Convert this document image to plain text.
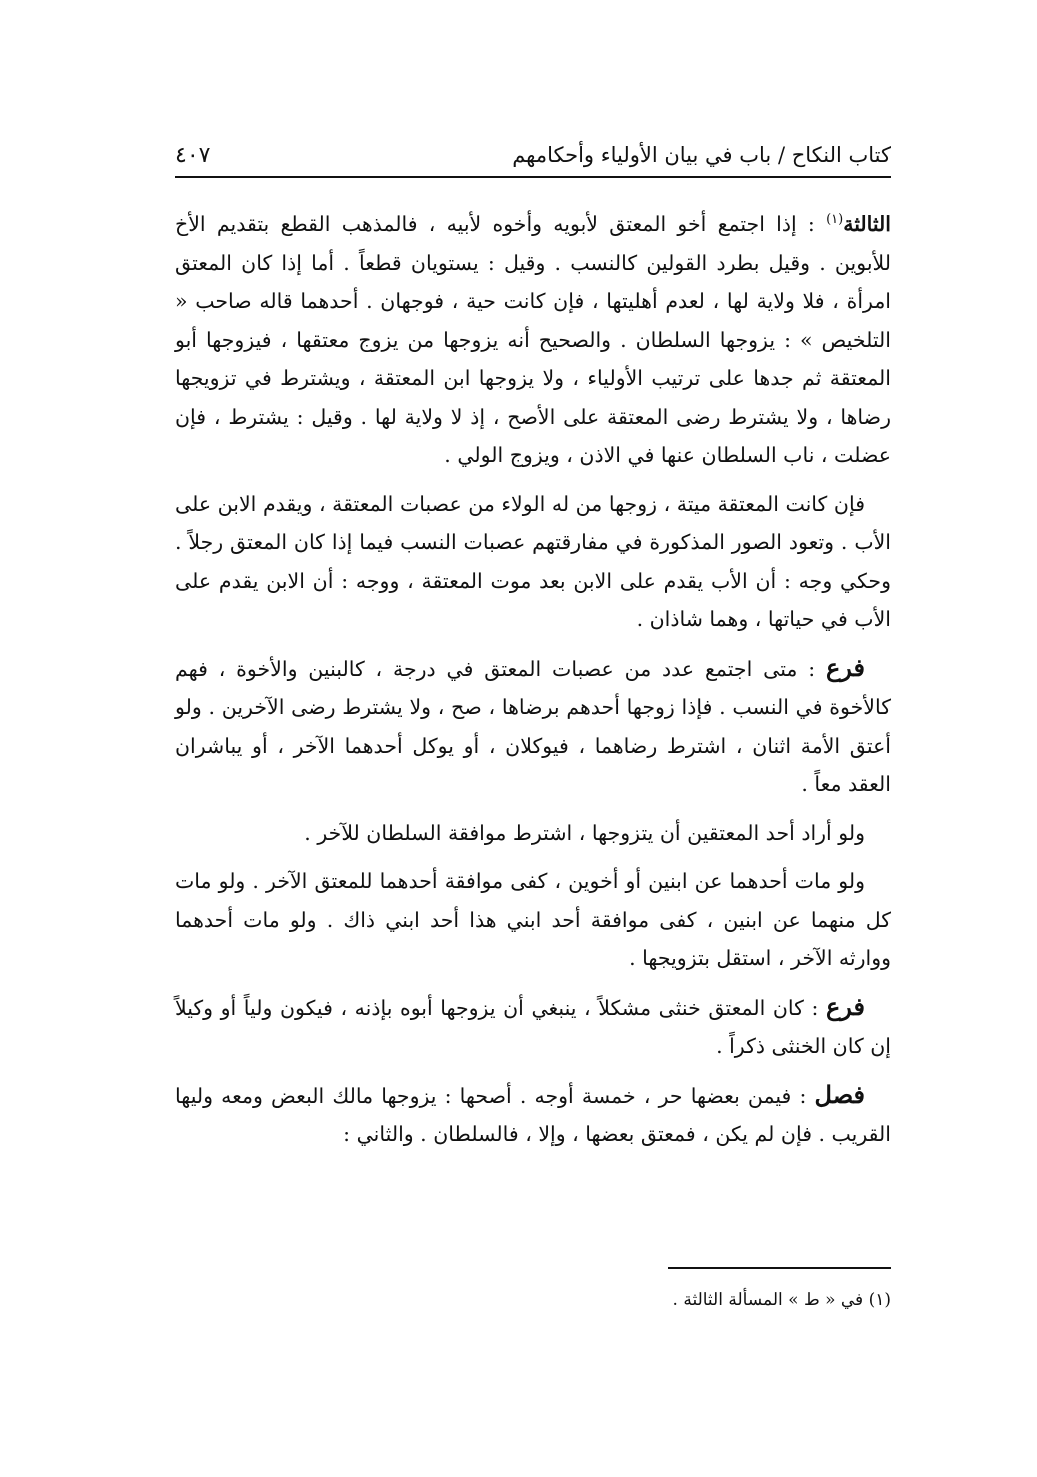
كتاب النكاح / باب في بيان الأولياء وأحكامهم
٤٠٧

الثالثة$^{(١)}$ : إذا اجتمع أخو المعتق لأبويه وأخوه لأبيه ، فالمذهب القطع بتقديم الأخ للأبوين . وقيل بطرد القولين كالنسب . وقيل : يستويان قطعاً . أما إذا كان المعتق امرأة ، فلا ولاية لها ، لعدم أهليتها ، فإن كانت حية ، فوجهان . أحدهما قاله صاحب « التلخيص » : يزوجها السلطان . والصحيح أنه يزوجها من يزوج معتقها ، فيزوجها أبو المعتقة ثم جدها على ترتيب الأولياء ، ولا يزوجها ابن المعتقة ، ويشترط في تزويجها رضاها ، ولا يشترط رضى المعتقة على الأصح ، إذ لا ولاية لها . وقيل : يشترط ، فإن عضلت ، ناب السلطان عنها في الاذن ، ويزوج الولي .

فإن كانت المعتقة ميتة ، زوجها من له الولاء من عصبات المعتقة ، ويقدم الابن على الأب . وتعود الصور المذكورة في مفارقتهم عصبات النسب فيما إذا كان المعتق رجلاً . وحكي وجه : أن الأب يقدم على الابن بعد موت المعتقة ، ووجه : أن الابن يقدم على الأب في حياتها ، وهما شاذان .

فرع : متى اجتمع عدد من عصبات المعتق في درجة ، كالبنين والأخوة ، فهم كالأخوة في النسب . فإذا زوجها أحدهم برضاها ، صح ، ولا يشترط رضى الآخرين . ولو أعتق الأمة اثنان ، اشترط رضاهما ، فيوكلان ، أو يوكل أحدهما الآخر ، أو يباشران العقد معاً .

ولو أراد أحد المعتقين أن يتزوجها ، اشترط موافقة السلطان للآخر .

ولو مات أحدهما عن ابنين أو أخوين ، كفى موافقة أحدهما للمعتق الآخر . ولو مات كل منهما عن ابنين ، كفى موافقة أحد ابني هذا أحد ابني ذاك . ولو مات أحدهما ووارثه الآخر ، استقل بتزويجها .

فرع : كان المعتق خنثى مشكلاً ، ينبغي أن يزوجها أبوه بإذنه ، فيكون ولياً أو وكيلاً إن كان الخنثى ذكراً .

فصل : فيمن بعضها حر ، خمسة أوجه . أصحها : يزوجها مالك البعض ومعه وليها القريب . فإن لم يكن ، فمعتق بعضها ، وإلا ، فالسلطان . والثاني :

(١) في « ط » المسألة الثالثة .
